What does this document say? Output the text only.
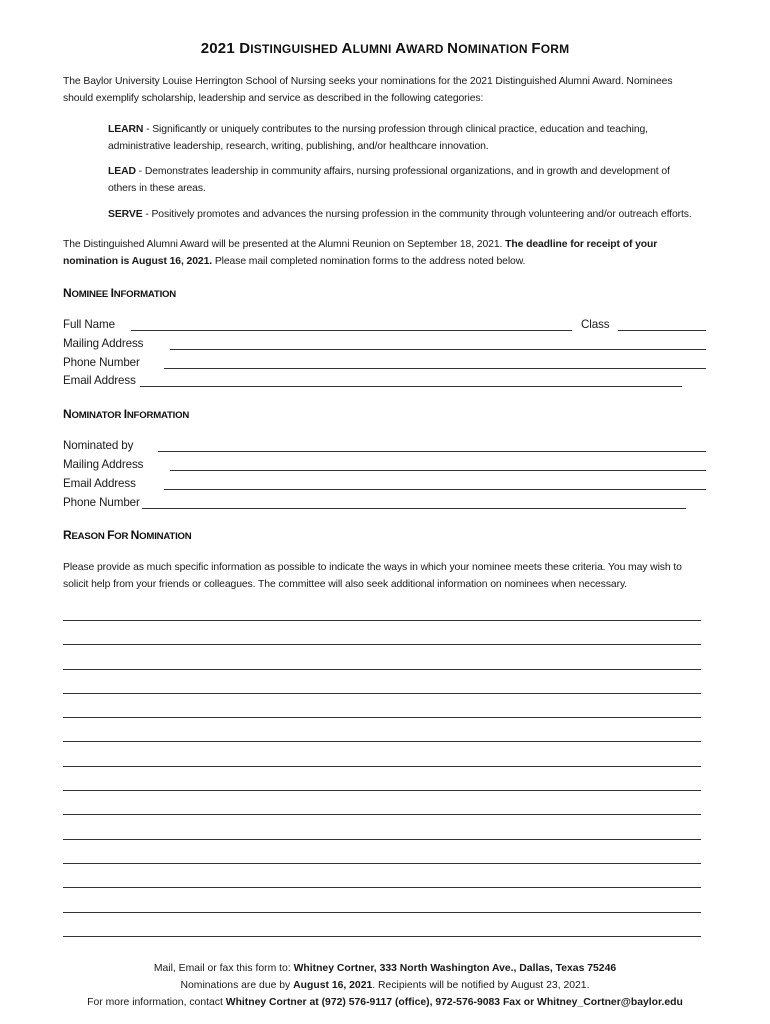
2021 DISTINGUISHED ALUMNI AWARD NOMINATION FORM
The Baylor University Louise Herrington School of Nursing seeks your nominations for the 2021 Distinguished Alumni Award. Nominees
should exemplify scholarship, leadership and service as described in the following categories:
LEARN - Significantly or uniquely contributes to the nursing profession through clinical practice, education and teaching,
administrative leadership, research, writing, publishing, and/or healthcare innovation.
LEAD - Demonstrates leadership in community affairs, nursing professional organizations, and in growth and development of
others in these areas.
SERVE - Positively promotes and advances the nursing profession in the community through volunteering and/or outreach efforts.
The Distinguished Alumni Award will be presented at the Alumni Reunion on September 18, 2021. The deadline for receipt of your
nomination is August 16, 2021. Please mail completed nomination forms to the address noted below.
NOMINEE INFORMATION
Full Name	Class
Mailing Address
Phone Number
Email Address
NOMINATOR INFORMATION
Nominated by
Mailing Address
Email Address
Phone Number
REASON FOR NOMINATION
Please provide as much specific information as possible to indicate the ways in which your nominee meets these criteria. You may wish to
solicit help from your friends or colleagues. The committee will also seek additional information on nominees when necessary.
Mail, Email or fax this form to: Whitney Cortner, 333 North Washington Ave., Dallas, Texas 75246
Nominations are due by August 16, 2021. Recipients will be notified by August 23, 2021.
For more information, contact Whitney Cortner at (972) 576-9117 (office), 972-576-9083 Fax or Whitney_Cortner@baylor.edu
